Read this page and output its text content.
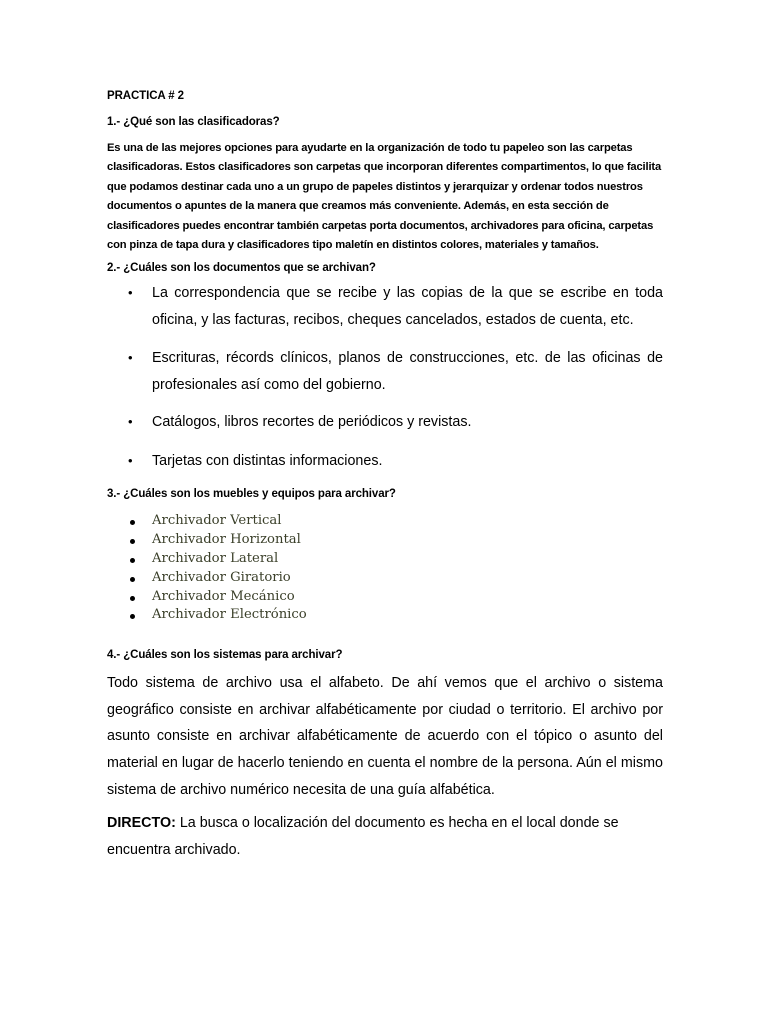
PRACTICA # 2

1.- ¿Qué son las clasificadoras?

Es una de las mejores opciones para ayudarte en la organización de todo tu papeleo son las carpetas clasificadoras. Estos clasificadores son carpetas que incorporan diferentes compartimentos, lo que facilita que podamos destinar cada uno a un grupo de papeles distintos y jerarquizar y ordenar todos nuestros documentos o apuntes de la manera que creamos más conveniente. Además, en esta sección de clasificadores puedes encontrar también carpetas porta documentos, archivadores para oficina, carpetas con pinza de tapa dura y clasificadores tipo maletín en distintos colores, materiales y tamaños.

2.- ¿Cuáles son los documentos que se archivan?

• La correspondencia que se recibe y las copias de la que se escribe en toda oficina, y las facturas, recibos, cheques cancelados, estados de cuenta, etc.
• Escrituras, récords clínicos, planos de construcciones, etc. de las oficinas de profesionales así como del gobierno.
• Catálogos, libros recortes de periódicos y revistas.
• Tarjetas con distintas informaciones.

3.- ¿Cuáles son los muebles y equipos para archivar?

Archivador Vertical
Archivador Horizontal
Archivador Lateral
Archivador Giratorio
Archivador Mecánico
Archivador Electrónico

4.- ¿Cuáles son los sistemas para archivar?

Todo sistema de archivo usa el alfabeto. De ahí vemos que el archivo o sistema geográfico consiste en archivar alfabéticamente por ciudad o territorio. El archivo por asunto consiste en archivar alfabéticamente de acuerdo con el tópico o asunto del material en lugar de hacerlo teniendo en cuenta el nombre de la persona. Aún el mismo sistema de archivo numérico necesita de una guía alfabética.

DIRECTO: La busca o localización del documento es hecha en el local donde se encuentra archivado.
